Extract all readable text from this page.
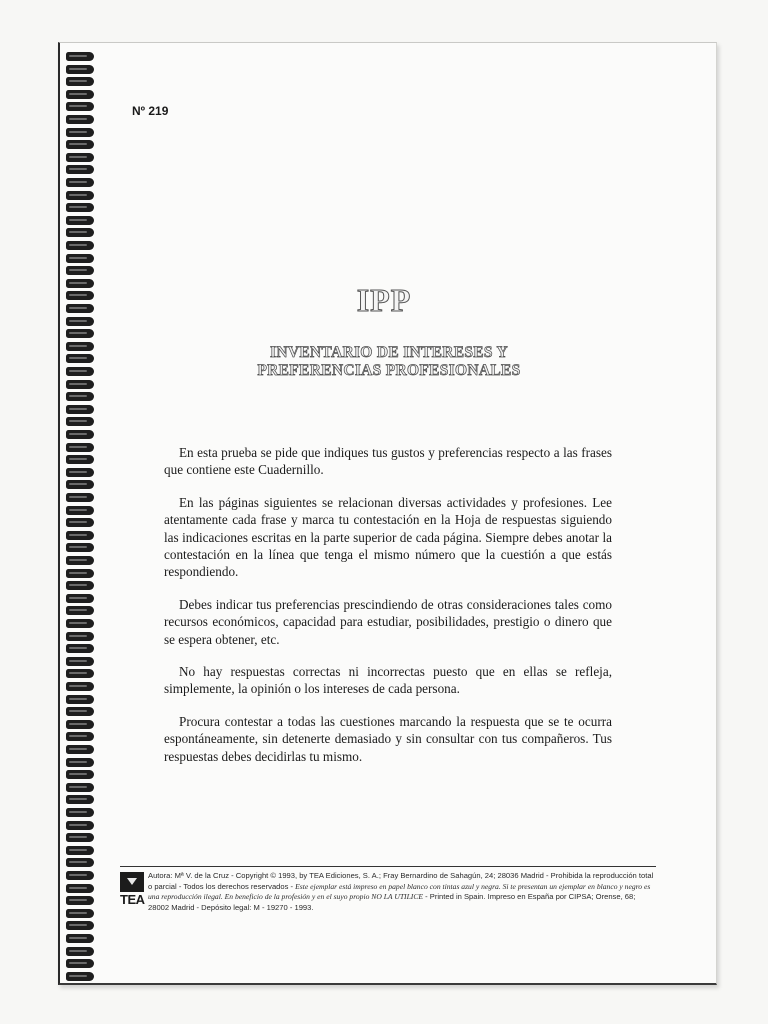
Nº 219
IPP
INVENTARIO DE INTERESES Y
PREFERENCIAS PROFESIONALES

En esta prueba se pide que indiques tus gustos y preferencias respecto a las frases que contiene este Cuadernillo.

En las páginas siguientes se relacionan diversas actividades y profesiones. Lee atentamente cada frase y marca tu contestación en la Hoja de respuestas siguiendo las indicaciones escritas en la parte superior de cada página. Siempre debes anotar la contestación en la línea que tenga el mismo número que la cuestión a que estás respondiendo.

Debes indicar tus preferencias prescindiendo de otras consideraciones tales como recursos económicos, capacidad para estudiar, posibilidades, prestigio o dinero que se espera obtener, etc.

No hay respuestas correctas ni incorrectas puesto que en ellas se refleja, simplemente, la opinión o los intereses de cada persona.

Procura contestar a todas las cuestiones marcando la respuesta que se te ocurra espontáneamente, sin detenerte demasiado y sin consultar con tus compañeros. Tus respuestas debes decidirlas tu mismo.

TEA
Autora: Mª V. de la Cruz - Copyright © 1993, by TEA Ediciones, S. A.; Fray Bernardino de Sahagún, 24; 28036 Madrid - Prohibida la reproducción total o parcial - Todos los derechos reservados - Este ejemplar está impreso en papel blanco con tintas azul y negra. Si te presentan un ejemplar en blanco y negro es una reproducción ilegal. En beneficio de la profesión y en el suyo propio NO LA UTILICE - Printed in Spain. Impreso en España por CIPSA; Orense, 68; 28002 Madrid - Depósito legal: M - 19270 - 1993.
